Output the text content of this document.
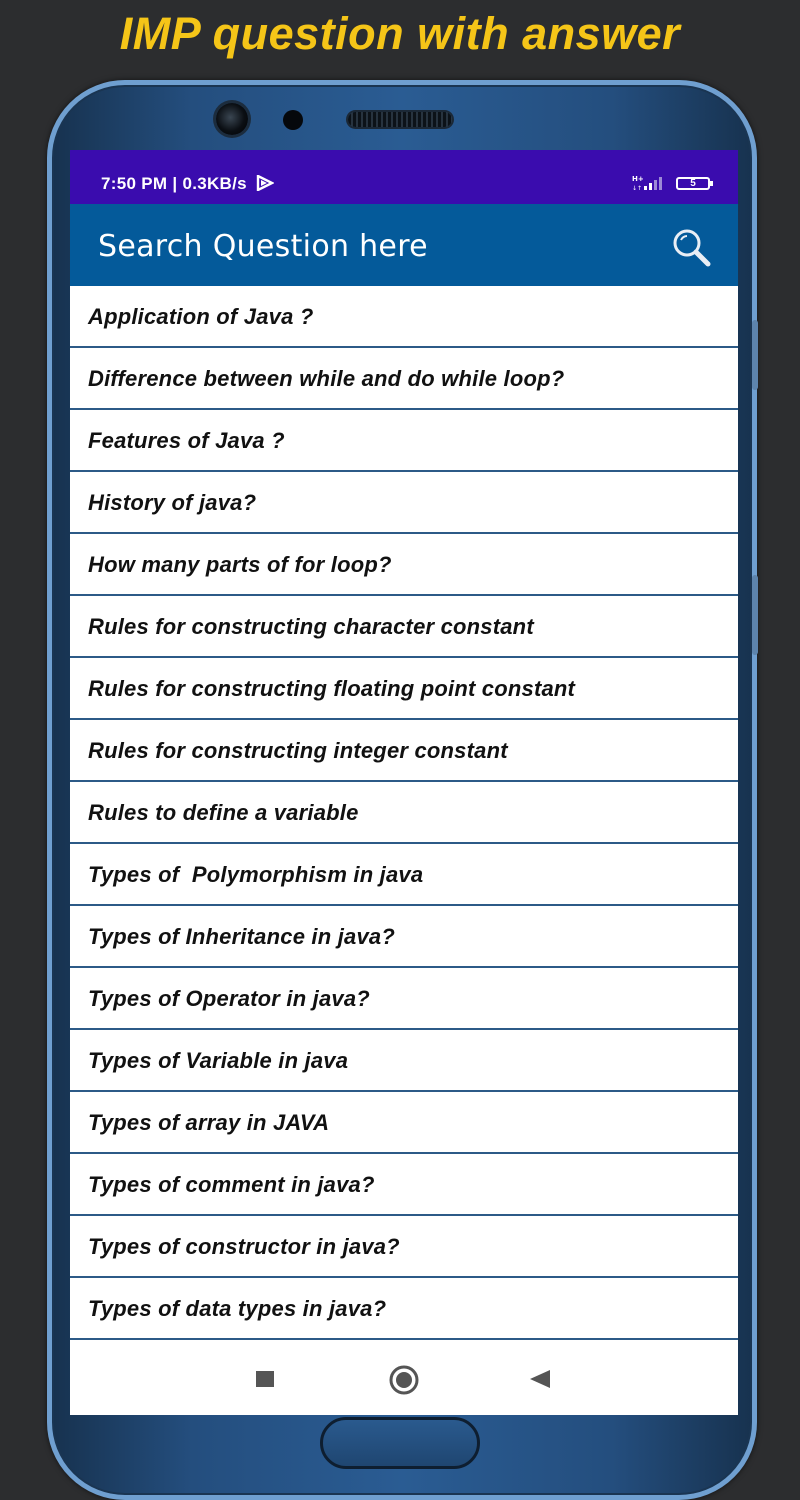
IMP question with answer
7:50 PM | 0.3KB/s	H+
↓↑	5
Search Question here
Application of Java ?
Difference between while and do while loop?
Features of Java ?
History of java?
How many parts of for loop?
Rules for constructing character constant
Rules for constructing floating point constant
Rules for constructing integer constant
Rules to define a variable
Types of  Polymorphism in java
Types of Inheritance in java?
Types of Operator in java?
Types of Variable in java
Types of array in JAVA
Types of comment in java?
Types of constructor in java?
Types of data types in java?
